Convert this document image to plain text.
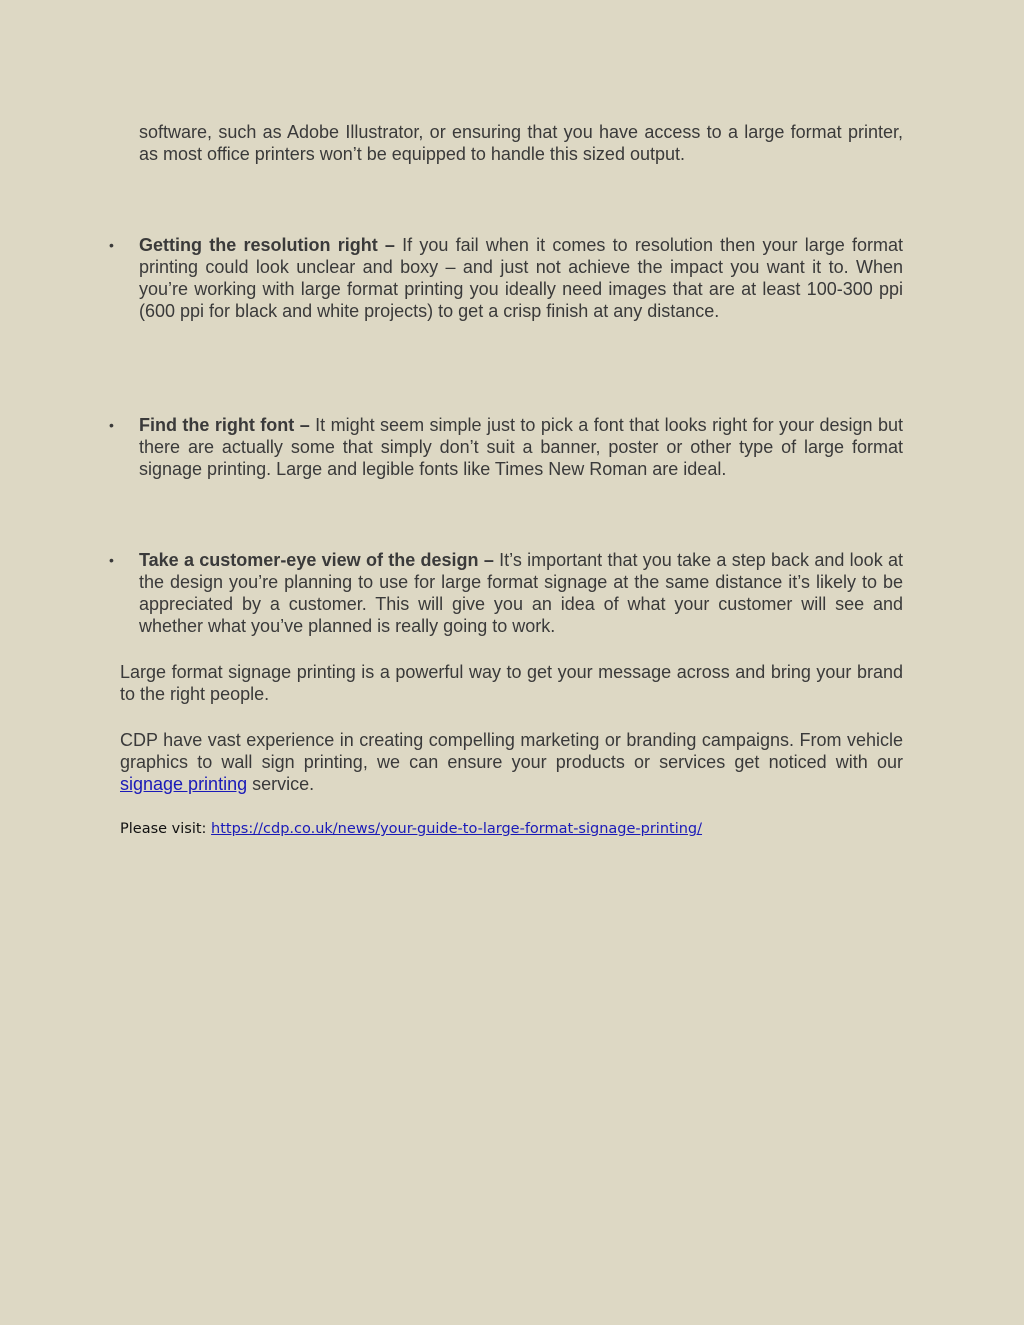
software, such as Adobe Illustrator, or ensuring that you have access to a large format printer, as most office printers won’t be equipped to handle this sized output.

•	Getting the resolution right – If you fail when it comes to resolution then your large format printing could look unclear and boxy – and just not achieve the impact you want it to. When you’re working with large format printing you ideally need images that are at least 100-300 ppi (600 ppi for black and white projects) to get a crisp finish at any distance.
•	Find the right font – It might seem simple just to pick a font that looks right for your design but there are actually some that simply don’t suit a banner, poster or other type of large format signage printing. Large and legible fonts like Times New Roman are ideal.
•	Take a customer-eye view of the design – It’s important that you take a step back and look at the design you’re planning to use for large format signage at the same distance it’s likely to be appreciated by a customer. This will give you an idea of what your customer will see and whether what you’ve planned is really going to work.

Large format signage printing is a powerful way to get your message across and bring your brand to the right people.

CDP have vast experience in creating compelling marketing or branding campaigns. From vehicle graphics to wall sign printing, we can ensure your products or services get noticed with our signage printing service.

Please visit: https://cdp.co.uk/news/your-guide-to-large-format-signage-printing/
